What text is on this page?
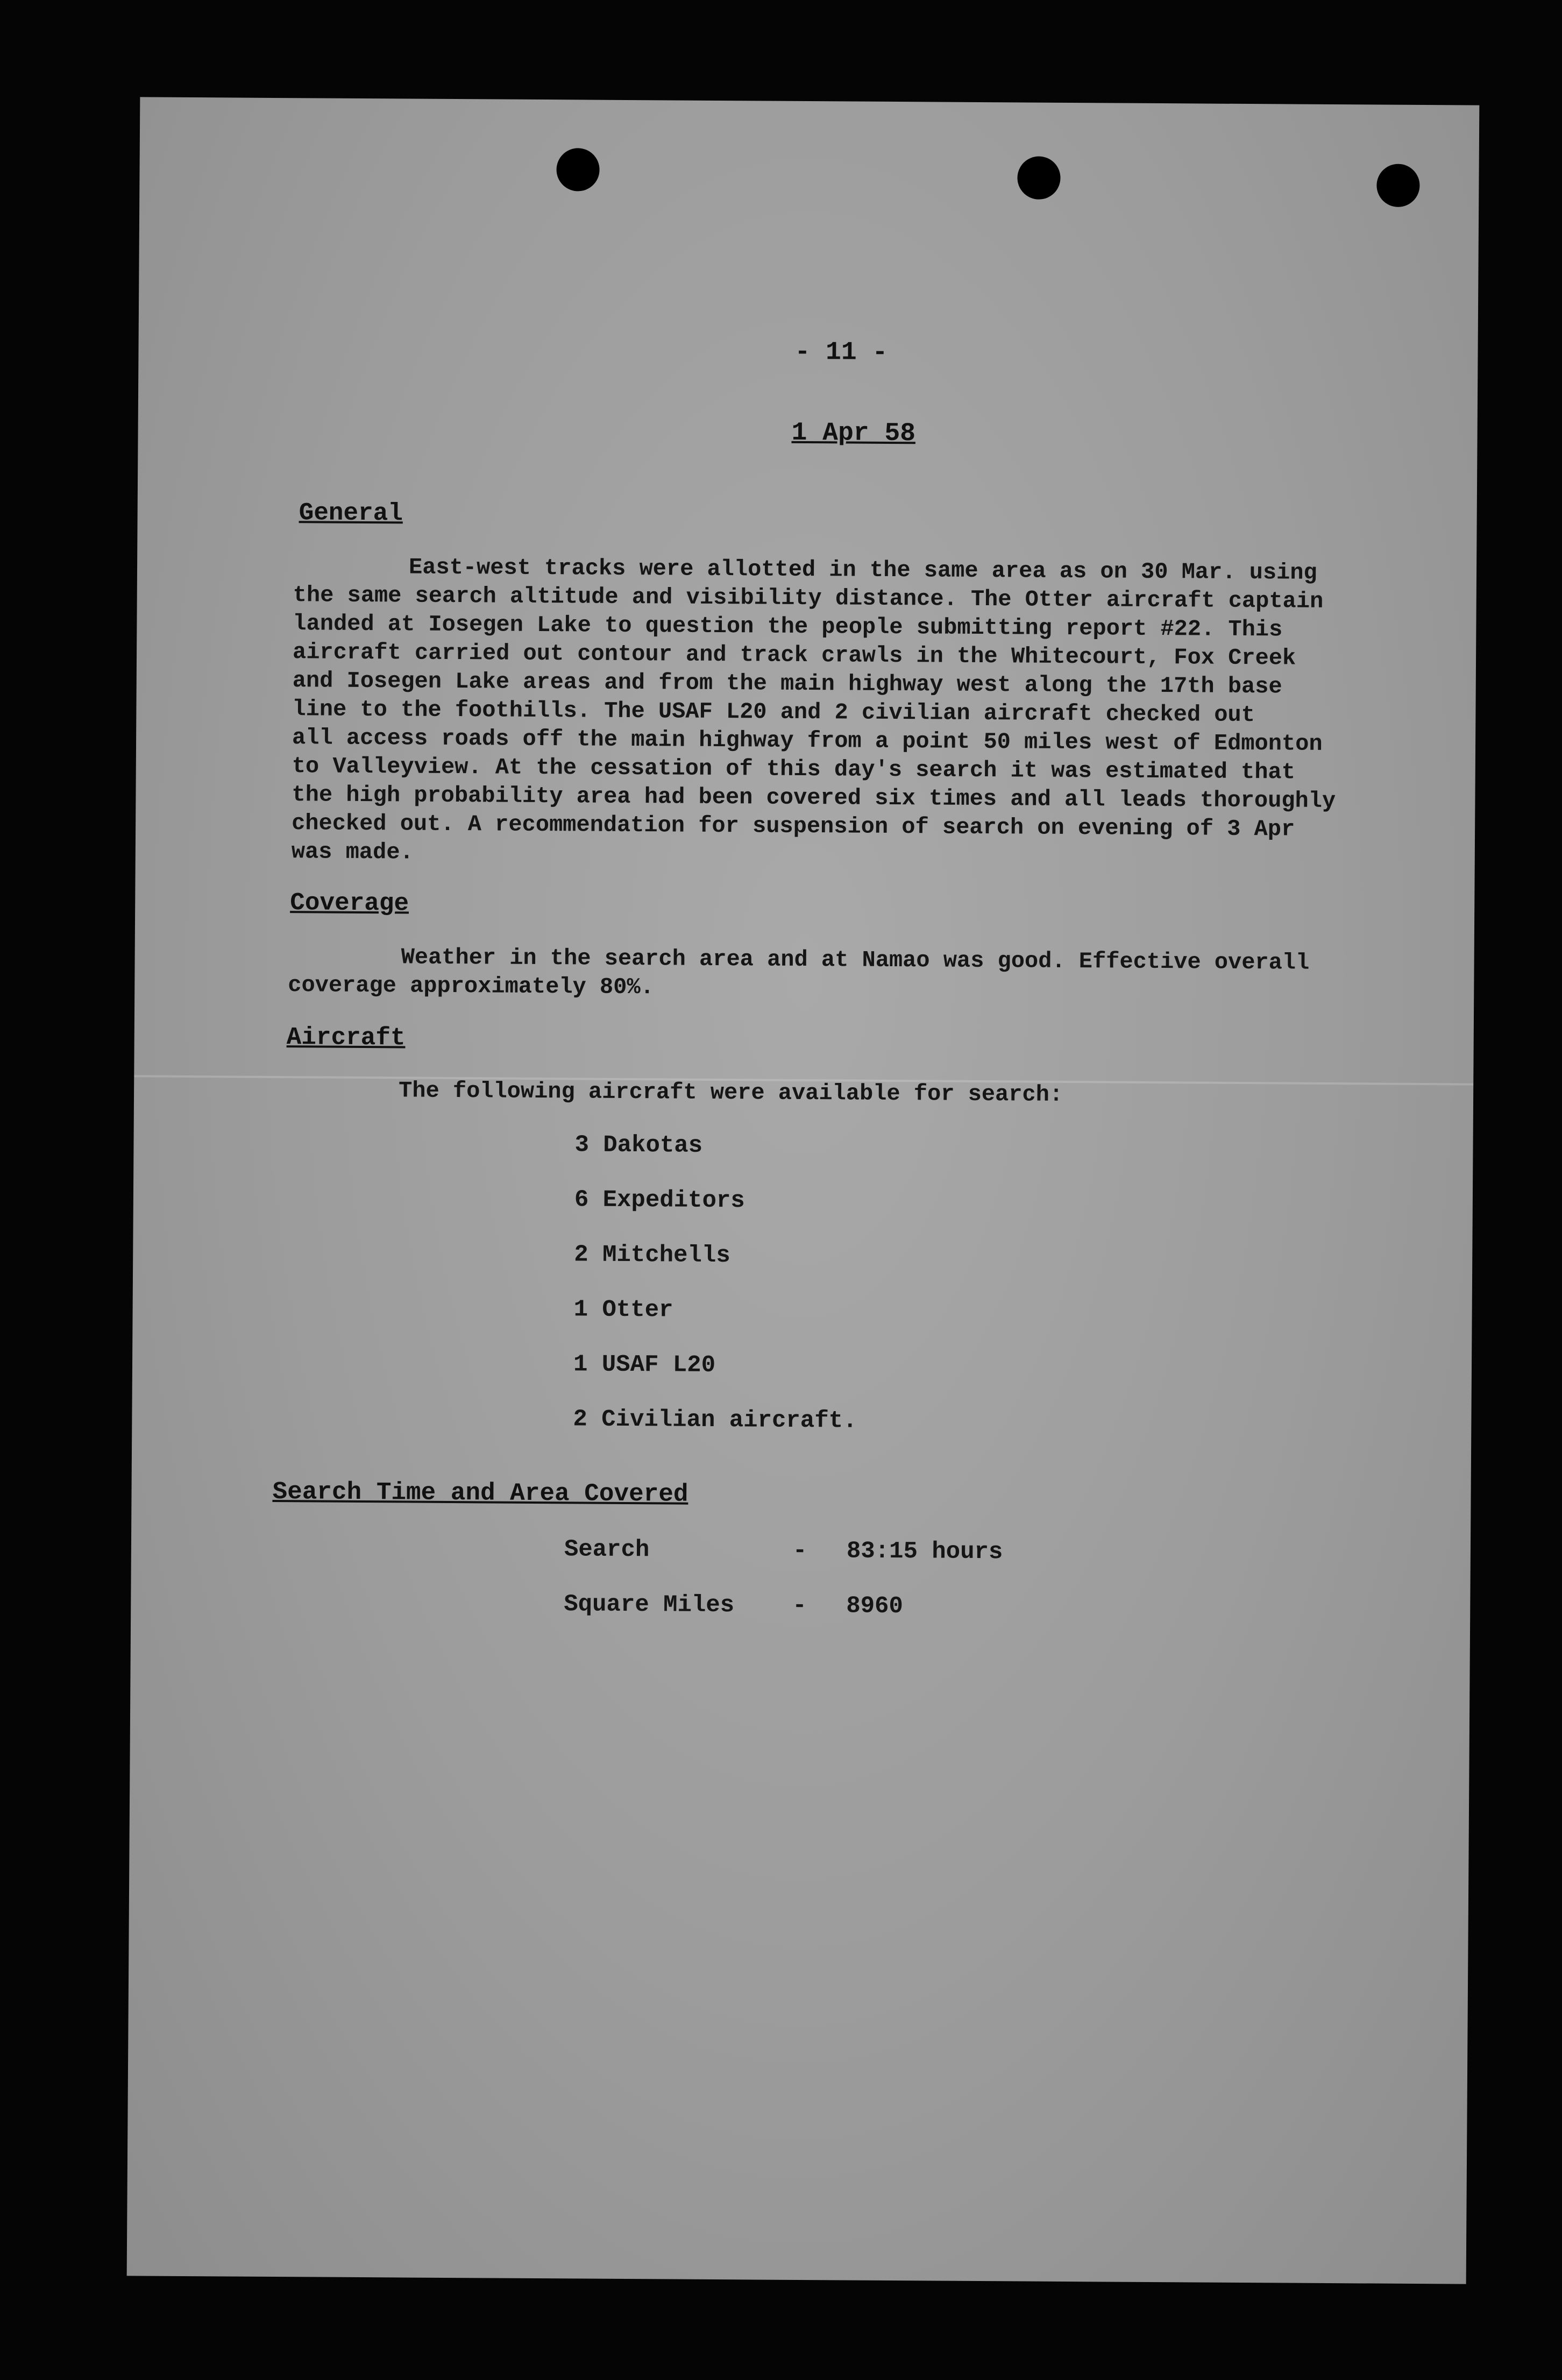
- 11 -
1 Apr 58
General
East-west tracks were allotted in the same area as on 30 Mar. using
the same search altitude and visibility distance. The Otter aircraft captain
landed at Iosegen Lake to question the people submitting report #22. This
aircraft carried out contour and track crawls in the Whitecourt, Fox Creek
and Iosegen Lake areas and from the main highway west along the 17th base
line to the foothills. The USAF L20 and 2 civilian aircraft checked out
all access roads off the main highway from a point 50 miles west of Edmonton
to Valleyview. At the cessation of this day's search it was estimated that
the high probability area had been covered six times and all leads thoroughly
checked out. A recommendation for suspension of search on evening of 3 Apr
was made.
Coverage
Weather in the search area and at Namao was good. Effective overall
coverage approximately 80%.
Aircraft
The following aircraft were available for search:
3 Dakotas
6 Expeditors
2 Mitchells
1 Otter
1 USAF L20
2 Civilian aircraft.
Search Time and Area Covered
Search	- 83:15 hours
Square Miles - 8960
